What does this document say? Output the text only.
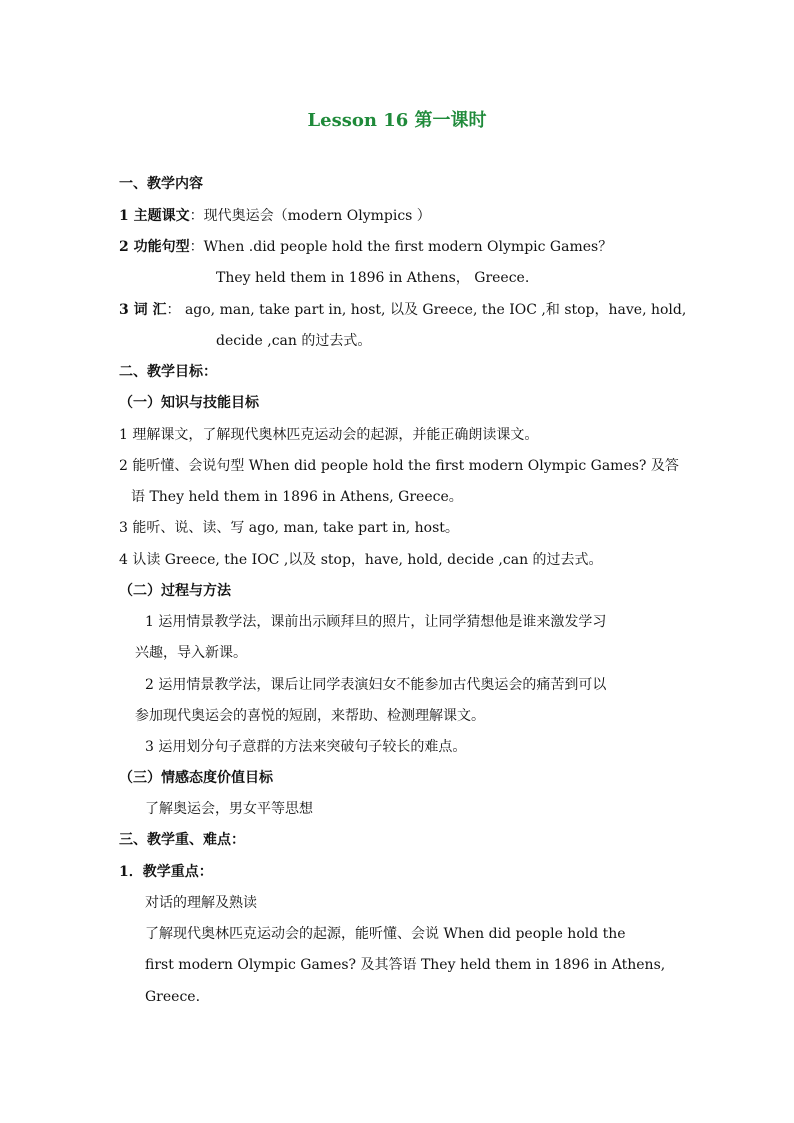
Lesson 16 第一课时
一、教学内容
1 主题课文：现代奥运会（modern Olympics ）
2 功能句型：When .did people hold the first modern Olympic Games？
They held them in 1896 in Athens， Greece.
3 词 汇： ago, man, take part in, host, 以及 Greece, the IOC ,和 stop，have, hold,
decide ,can 的过去式。
二、教学目标：
（一）知识与技能目标
1 理解课文，了解现代奥林匹克运动会的起源，并能正确朗读课文。
2 能听懂、会说句型 When did people hold the first modern Olympic Games? 及答
语 They held them in 1896 in Athens, Greece。
3 能听、说、读、写 ago, man, take part in, host。
4 认读 Greece, the IOC ,以及 stop，have, hold, decide ,can 的过去式。
（二）过程与方法
1 运用情景教学法，课前出示顾拜旦的照片，让同学猜想他是谁来激发学习
兴趣，导入新课。
2 运用情景教学法，课后让同学表演妇女不能参加古代奥运会的痛苦到可以
参加现代奥运会的喜悦的短剧，来帮助、检测理解课文。
3 运用划分句子意群的方法来突破句子较长的难点。
（三）情感态度价值目标
了解奥运会，男女平等思想
三、教学重、难点：
1．教学重点：
对话的理解及熟读
了解现代奥林匹克运动会的起源，能听懂、会说 When did people hold the
first modern Olympic Games? 及其答语 They held them in 1896 in Athens,
Greece.
